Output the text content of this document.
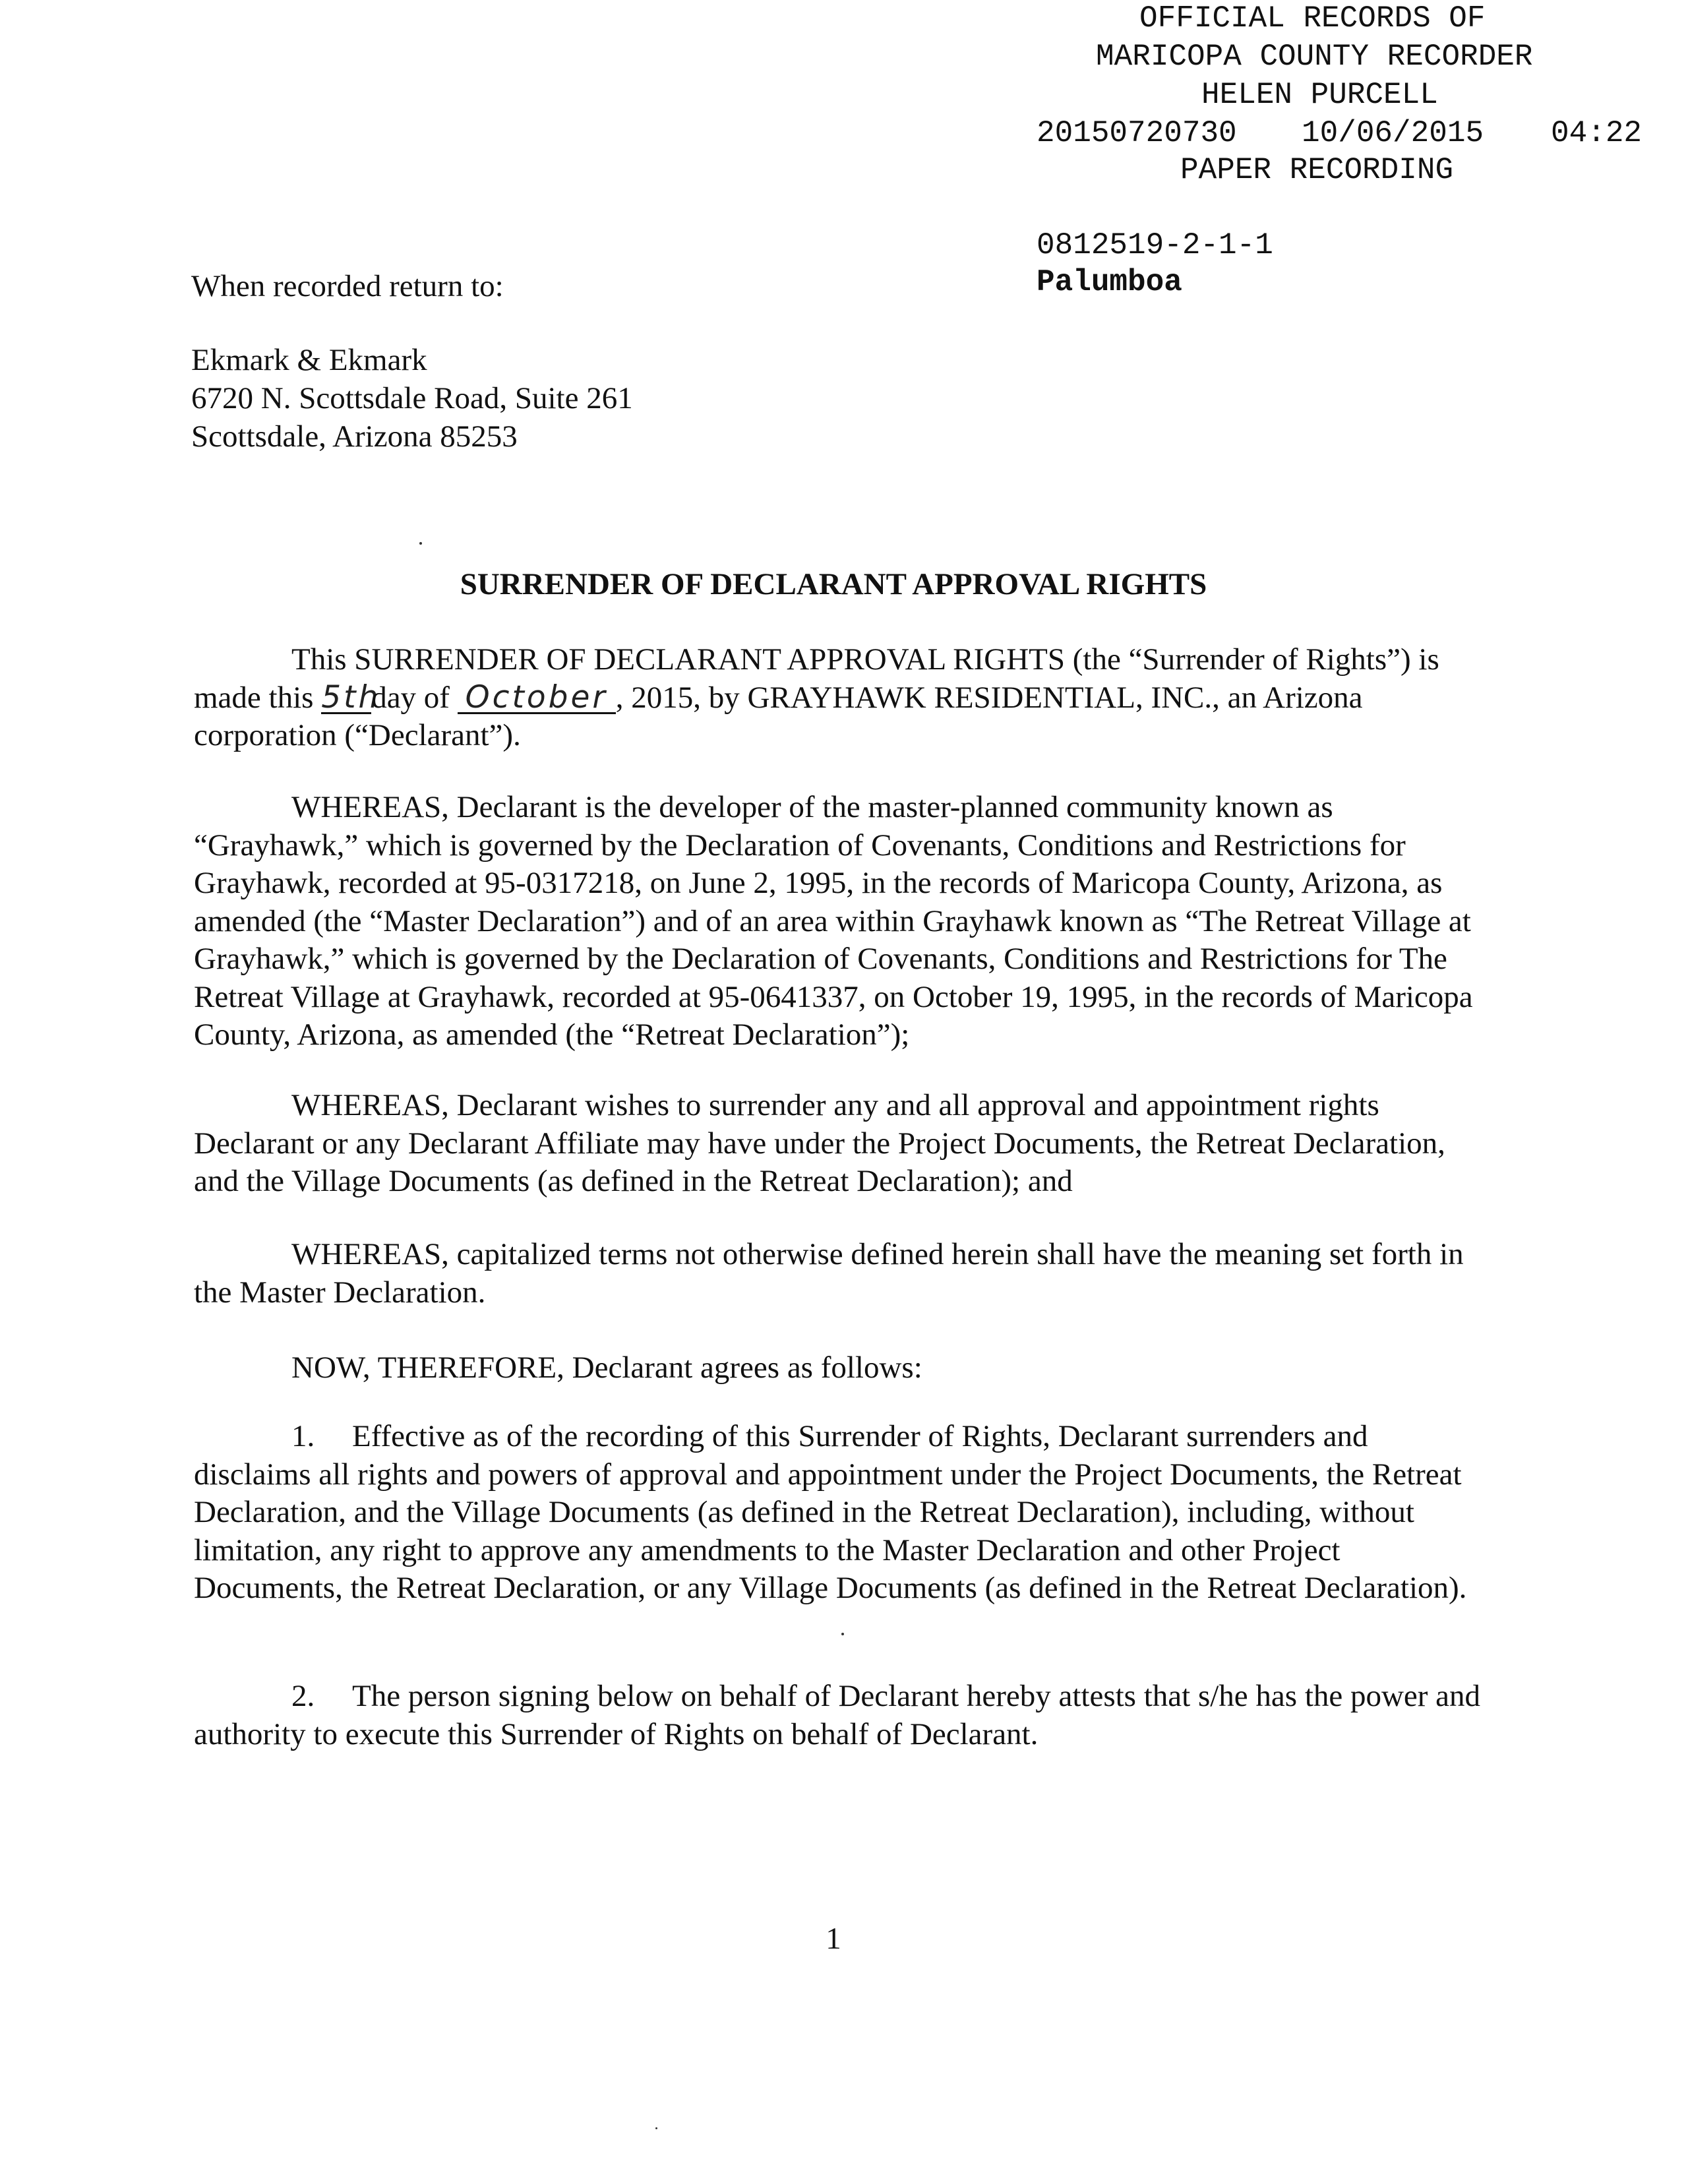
OFFICIAL RECORDS OF
MARICOPA COUNTY RECORDER
HELEN PURCELL
20150720730 10/06/2015 04:22
PAPER RECORDING
0812519-2-1-1
Palumboa
When recorded return to:
Ekmark & Ekmark
6720 N. Scottsdale Road, Suite 261
Scottsdale, Arizona 85253
SURRENDER OF DECLARANT APPROVAL RIGHTS

This SURRENDER OF DECLARANT APPROVAL RIGHTS (the “Surrender of Rights”) is made this 5thday of October , 2015, by GRAYHAWK RESIDENTIAL, INC., an Arizona corporation (“Declarant”).

WHEREAS, Declarant is the developer of the master-planned community known as “Grayhawk,” which is governed by the Declaration of Covenants, Conditions and Restrictions for Grayhawk, recorded at 95-0317218, on June 2, 1995, in the records of Maricopa County, Arizona, as amended (the “Master Declaration”) and of an area within Grayhawk known as “The Retreat Village at Grayhawk,” which is governed by the Declaration of Covenants, Conditions and Restrictions for The Retreat Village at Grayhawk, recorded at 95-0641337, on October 19, 1995, in the records of Maricopa County, Arizona, as amended (the “Retreat Declaration”);

WHEREAS, Declarant wishes to surrender any and all approval and appointment rights Declarant or any Declarant Affiliate may have under the Project Documents, the Retreat Declaration, and the Village Documents (as defined in the Retreat Declaration); and

WHEREAS, capitalized terms not otherwise defined herein shall have the meaning set forth in the Master Declaration.

NOW, THEREFORE, Declarant agrees as follows:

1. Effective as of the recording of this Surrender of Rights, Declarant surrenders and disclaims all rights and powers of approval and appointment under the Project Documents, the Retreat Declaration, and the Village Documents (as defined in the Retreat Declaration), including, without limitation, any right to approve any amendments to the Master Declaration and other Project Documents, the Retreat Declaration, or any Village Documents (as defined in the Retreat Declaration).

2. The person signing below on behalf of Declarant hereby attests that s/he has the power and authority to execute this Surrender of Rights on behalf of Declarant.

1
